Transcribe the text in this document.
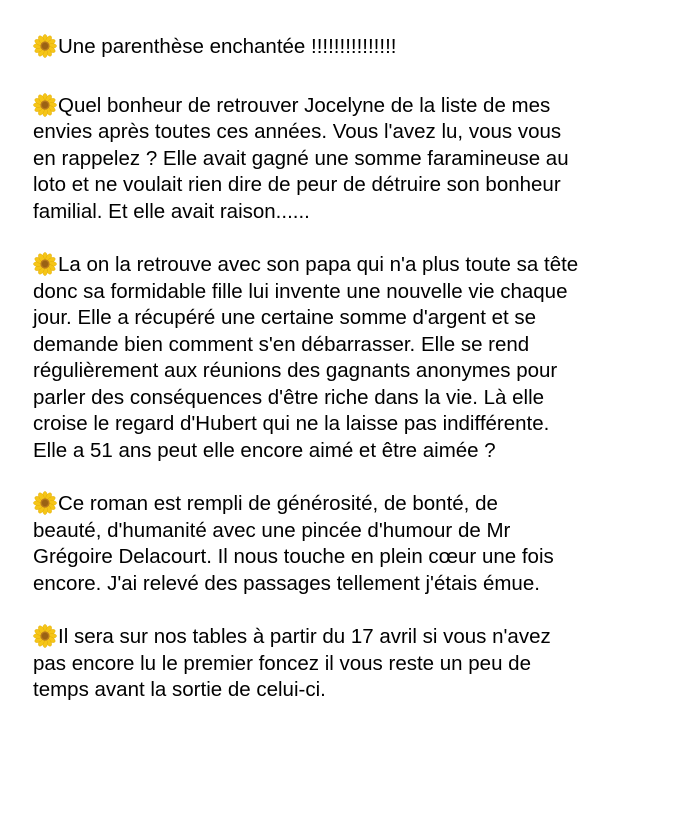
Une parenthèse enchantée !!!!!!!!!!!!!!!
Quel bonheur de retrouver Jocelyne de la liste de mes
envies après toutes ces années. Vous l'avez lu, vous vous
en rappelez ? Elle avait gagné une somme faramineuse au
loto et ne voulait rien dire de peur de détruire son bonheur
familial. Et elle avait raison......
La on la retrouve avec son papa qui n'a plus toute sa tête
donc sa formidable fille lui invente une nouvelle vie chaque
jour. Elle a récupéré une certaine somme d'argent et se
demande bien comment s'en débarrasser. Elle se rend
régulièrement aux réunions des gagnants anonymes pour
parler des conséquences d'être riche dans la vie. Là elle
croise le regard d'Hubert qui ne la laisse pas indifférente.
Elle a 51 ans peut elle encore aimé et être aimée ?
Ce roman est rempli de générosité, de bonté, de
beauté, d'humanité avec une pincée d'humour de Mr
Grégoire Delacourt. Il nous touche en plein cœur une fois
encore. J'ai relevé des passages tellement j'étais émue.
Il sera sur nos tables à partir du 17 avril si vous n'avez
pas encore lu le premier foncez il vous reste un peu de
temps avant la sortie de celui-ci.
